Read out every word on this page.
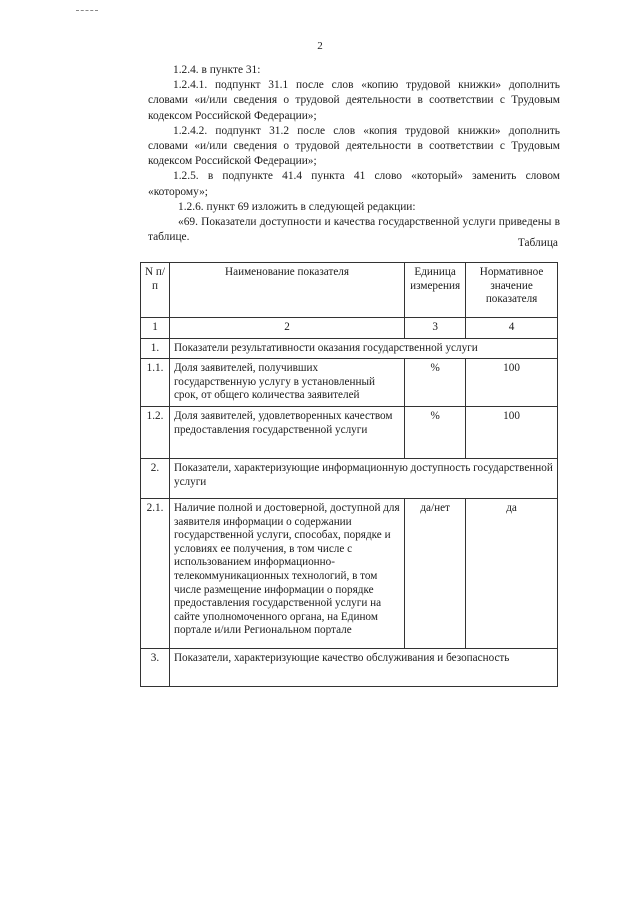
2

1.2.4. в пункте 31:

1.2.4.1. подпункт 31.1 после слов «копию трудовой книжки» дополнить словами «и/или сведения о трудовой деятельности в соответствии с Трудовым кодексом Российской Федерации»;

1.2.4.2. подпункт 31.2 после слов «копия трудовой книжки» дополнить словами «и/или сведения о трудовой деятельности в соответствии с Трудовым кодексом Российской Федерации»;

1.2.5. в подпункте 41.4 пункта 41 слово «который» заменить словом «которому»;

1.2.6. пункт 69 изложить в следующей редакции:

«69. Показатели доступности и качества государственной услуги приведены в таблице.	Таблица
N п/п	Наименование показателя	Единица измерения	Нормативное значение показателя
1	2	3	4
1.	Показатели результативности оказания государственной услуги		
1.1.	Доля заявителей, получивших государственную услугу в установленный срок, от общего количества заявителей	%	100
1.2.	Доля заявителей, удовлетворенных качеством предоставления государственной услуги	%	100
2.	Показатели, характеризующие информационную доступность государственной услуги		
2.1.	Наличие полной и достоверной, доступной для заявителя информации о содержании государственной услуги, способах, порядке и условиях ее получения, в том числе с использованием информационно-телекоммуникационных технологий, в том числе размещение информации о порядке предоставления государственной услуги на сайте уполномоченного органа, на Едином портале и/или Региональном портале	да/нет	да
3.	Показатели, характеризующие качество обслуживания и безопасность		
